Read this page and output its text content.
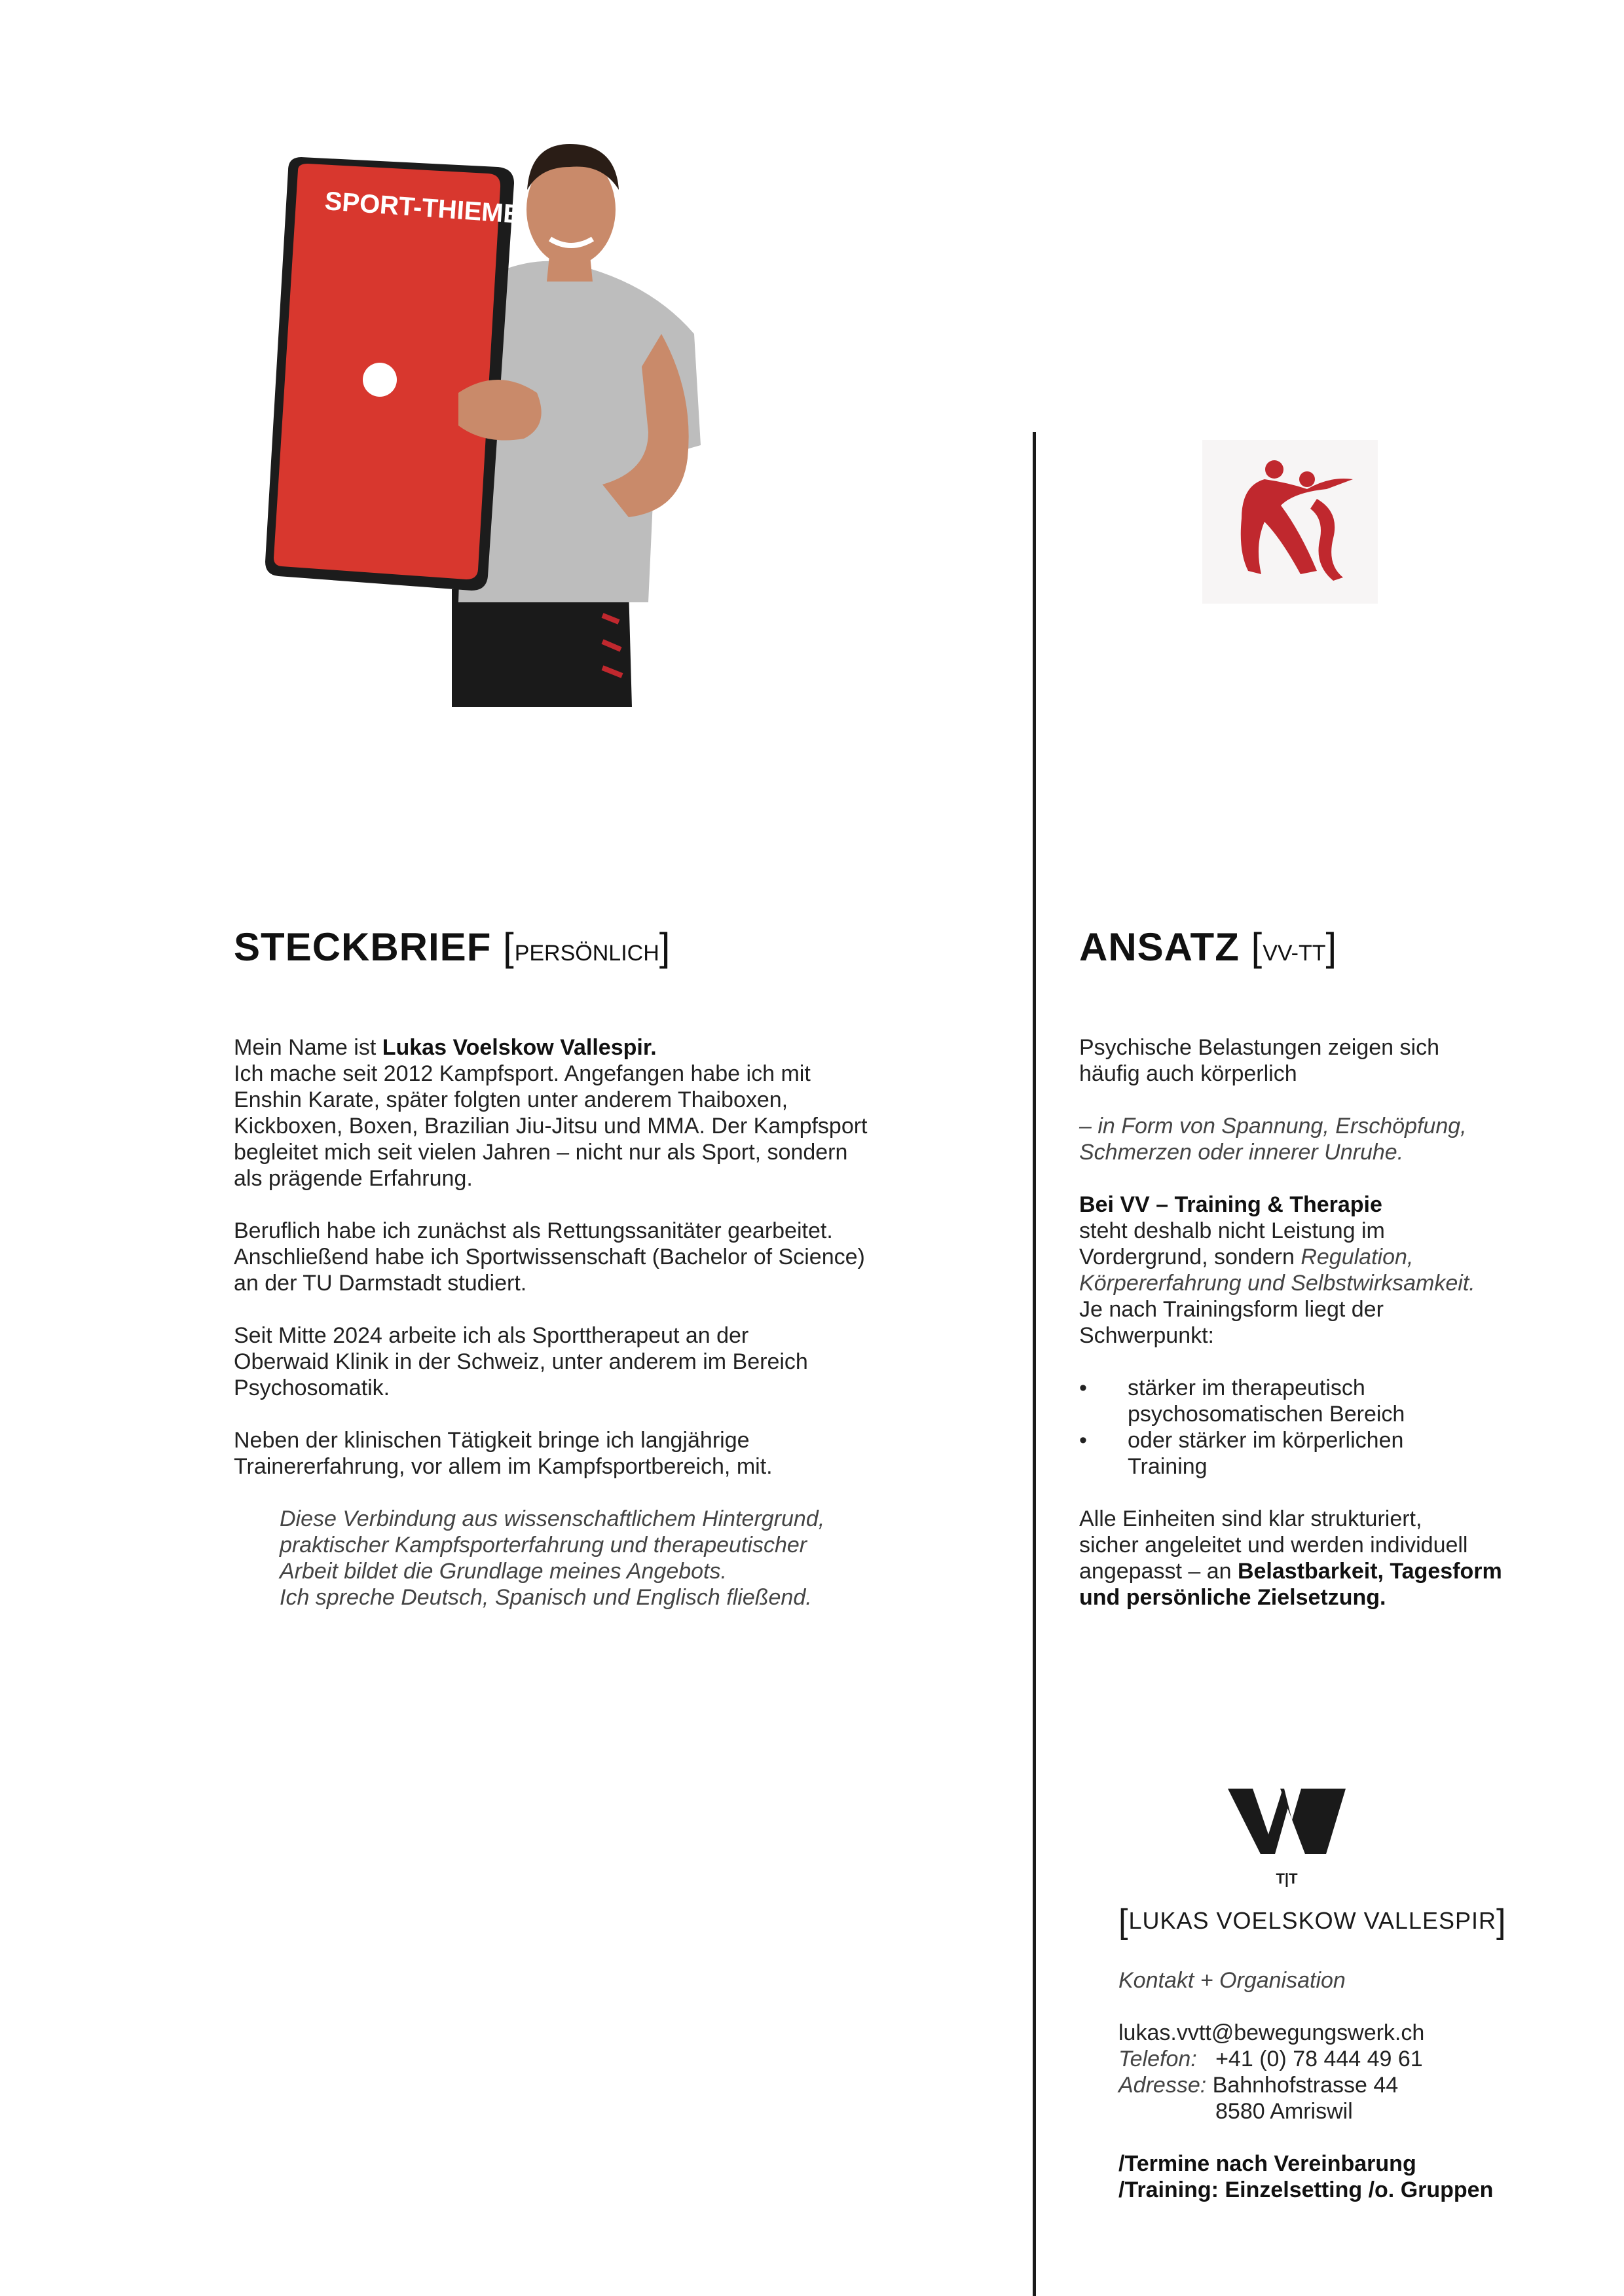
SPORT-THIEME
STECKBRIEF [PERSÖNLICH]	ANSATZ [VV-TT]

Mein Name ist Lukas Voelskow Vallespir.
Ich mache seit 2012 Kampfsport. Angefangen habe ich mit
Enshin Karate, später folgten unter anderem Thaiboxen,
Kickboxen, Boxen, Brazilian Jiu-Jitsu und MMA. Der Kampfsport
begleitet mich seit vielen Jahren – nicht nur als Sport, sondern
als prägende Erfahrung.

Beruflich habe ich zunächst als Rettungssanitäter gearbeitet.
Anschließend habe ich Sportwissenschaft (Bachelor of Science)
an der TU Darmstadt studiert.

Seit Mitte 2024 arbeite ich als Sporttherapeut an der
Oberwaid Klinik in der Schweiz, unter anderem im Bereich
Psychosomatik.

Neben der klinischen Tätigkeit bringe ich langjährige
Trainererfahrung, vor allem im Kampfsportbereich, mit.

Diese Verbindung aus wissenschaftlichem Hintergrund,
praktischer Kampfsporterfahrung und therapeutischer
Arbeit bildet die Grundlage meines Angebots.
Ich spreche Deutsch, Spanisch und Englisch fließend.

Psychische Belastungen zeigen sich
häufig auch körperlich

– in Form von Spannung, Erschöpfung,
Schmerzen oder innerer Unruhe.

Bei VV – Training & Therapie
steht deshalb nicht Leistung im
Vordergrund, sondern Regulation,
Körpererfahrung und Selbstwirksamkeit.
Je nach Trainingsform liegt der
Schwerpunkt:

• stärker im therapeutisch
psychosomatischen Bereich
• oder stärker im körperlichen
Training

Alle Einheiten sind klar strukturiert,
sicher angeleitet und werden individuell
angepasst – an Belastbarkeit, Tagesform
und persönliche Zielsetzung.

T|T
[LUKAS VOELSKOW VALLESPIR]
Kontakt + Organisation
lukas.vvtt@bewegungswerk.ch
Telefon: +41 (0) 78 444 49 61
Adresse: Bahnhofstrasse 44
8580 Amriswil
/Termine nach Vereinbarung
/Training: Einzelsetting /o. Gruppen
